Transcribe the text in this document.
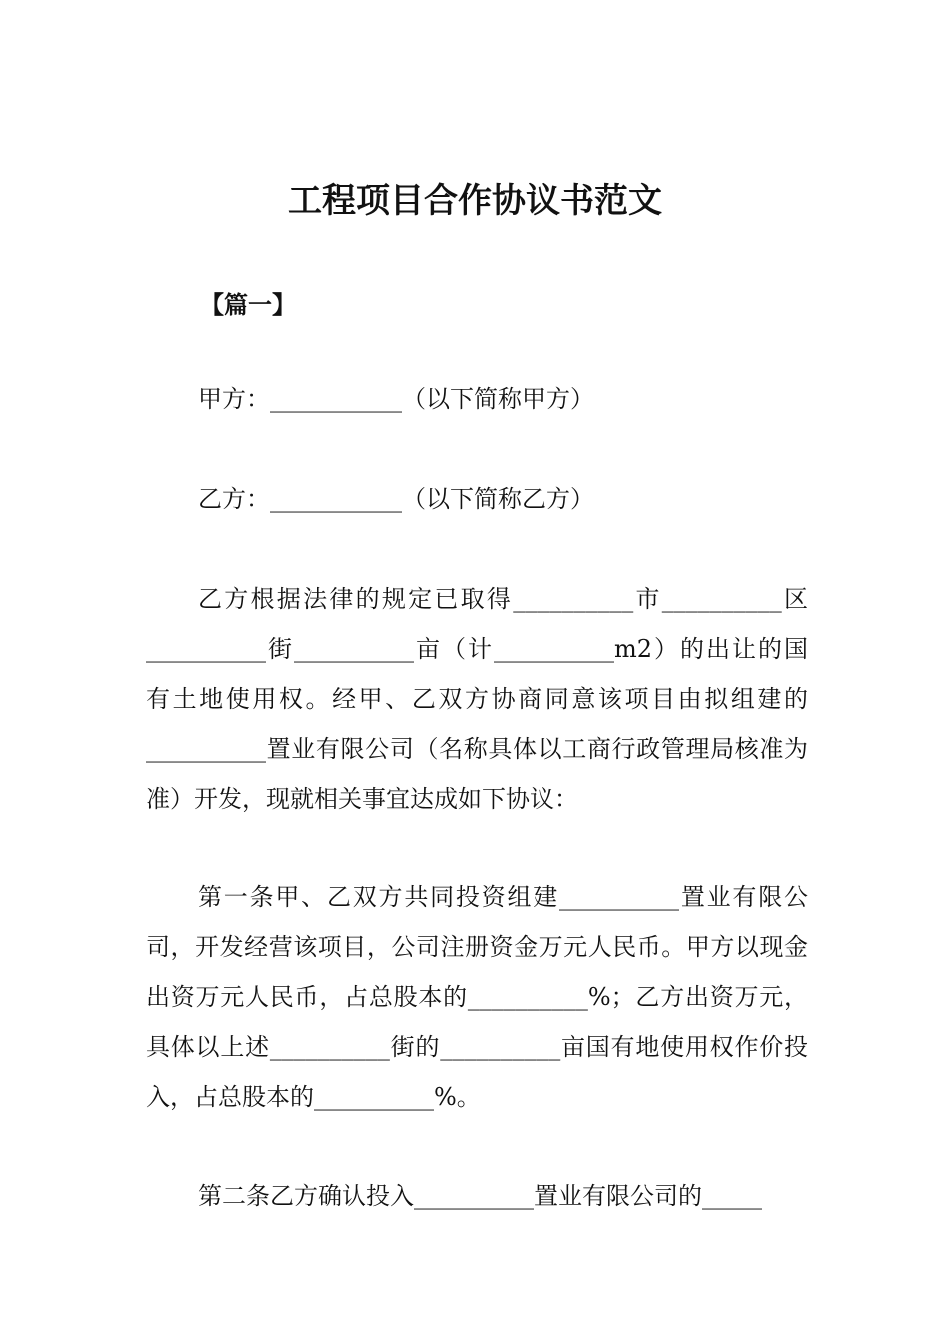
工程项目合作协议书范文
【篇一】
甲方：___________（以下简称甲方）
乙方：___________（以下简称乙方）
乙方根据法律的规定已取得__________市__________区__________街__________亩（计__________m2）的出让的国有土地使用权。经甲、乙双方协商同意该项目由拟组建的__________置业有限公司（名称具体以工商行政管理局核准为准）开发，现就相关事宜达成如下协议：
第一条甲、乙双方共同投资组建__________置业有限公司，开发经营该项目，公司注册资金万元人民币。甲方以现金出资万元人民币，占总股本的__________%；乙方出资万元，具体以上述__________街的__________亩国有地使用权作价投入，占总股本的__________%。
第二条乙方确认投入__________置业有限公司的_____
